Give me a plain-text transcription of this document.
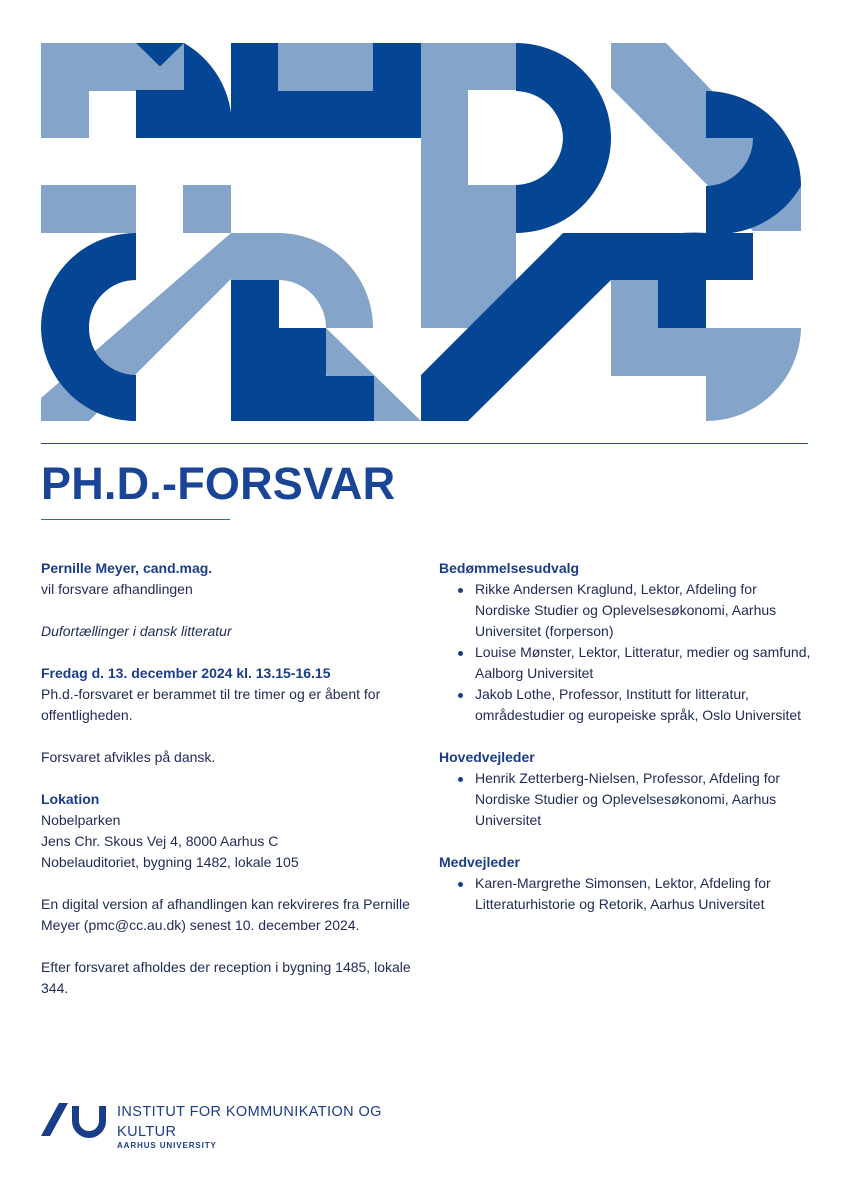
PH.D.-FORSVAR

Pernille Meyer, cand.mag.

vil forsvare afhandlingen

Dufortællinger i dansk litteratur

Fredag d. 13. december 2024 kl. 13.15-16.15

Ph.d.-forsvaret er berammet til tre timer og er åbent for offentligheden.

Forsvaret afvikles på dansk.

Lokation

Nobelparken

Jens Chr. Skous Vej 4, 8000 Aarhus C

Nobelauditoriet, bygning 1482, lokale 105

En digital version af afhandlingen kan rekvireres fra Pernille Meyer (pmc@cc.au.dk) senest 10. december 2024.

Efter forsvaret afholdes der reception i bygning 1485, lokale 344.

Bedømmelsesudvalg
Rikke Andersen Kraglund, Lektor, Afdeling for Nordiske Studier og Oplevelsesøkonomi, Aarhus Universitet (forperson)
Louise Mønster, Lektor, Litteratur, medier og samfund, Aalborg Universitet
Jakob Lothe, Professor, Institutt for litteratur, områdestudier og europeiske språk, Oslo Universitet
Hovedvejleder
Henrik Zetterberg-Nielsen, Professor, Afdeling for Nordiske Studier og Oplevelsesøkonomi, Aarhus Universitet
Medvejleder
Karen-Margrethe Simonsen, Lektor, Afdeling for Litteraturhistorie og Retorik, Aarhus Universitet
INSTITUT FOR KOMMUNIKATION OG KULTUR
AARHUS UNIVERSITY
